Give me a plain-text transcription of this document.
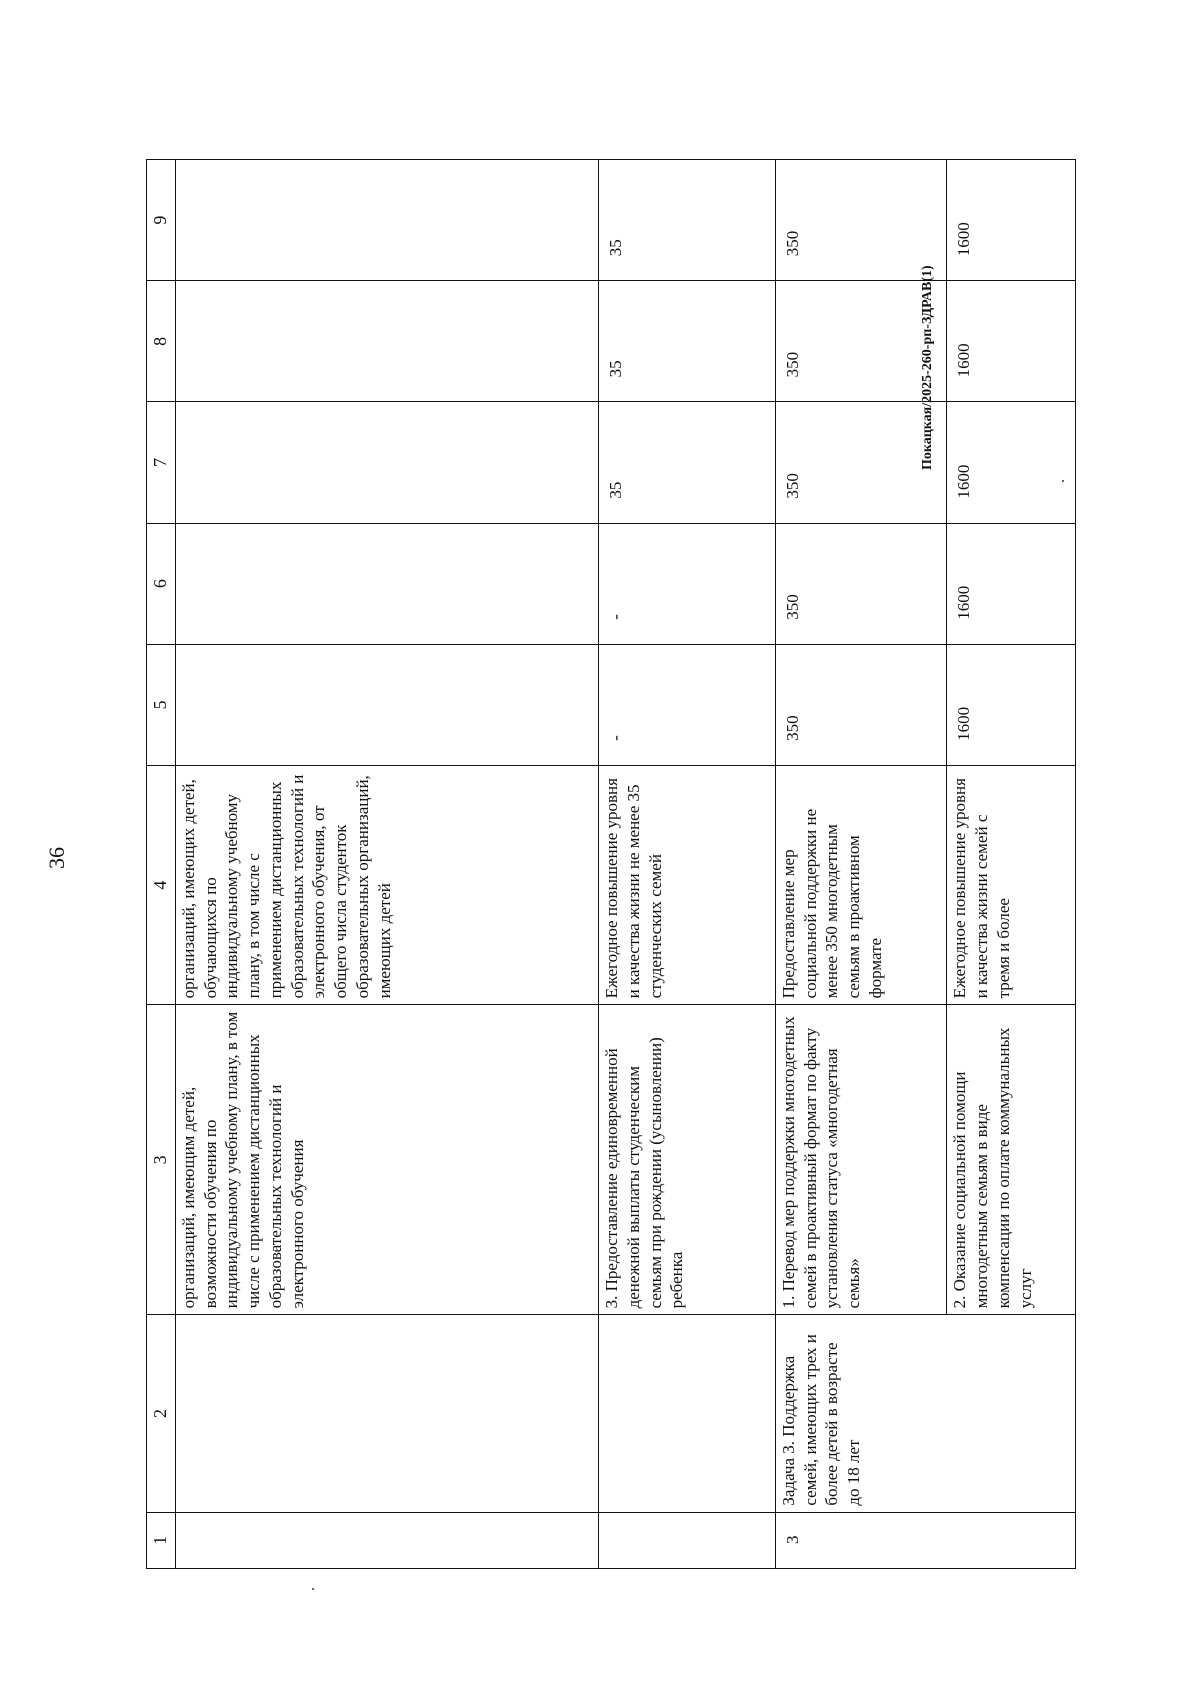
36
Покацкая/2025-260-рп-ЗДРАВ(1)
1	2	3	4	5	6	7	8	9
		организаций, имеющим детей, возможности обучения по индивидуальному учебному плану, в том числе с применением дистанционных образовательных технологий и электронного обучения	организаций, имеющих детей, обучающихся по индивидуальному учебному плану, в том числе с применением дистанционных образовательных технологий и электронного обучения, от общего числа студенток образовательных организаций, имеющих детей					
		3. Предоставление единовременной денежной выплаты студенческим семьям при рождении (усыновлении) ребенка	Ежегодное повышение уровня и качества жизни не менее 35 студенческих семей	-	-	35	35	35
3	Задача 3. Поддержка семей, имеющих трех и более детей в возрасте до 18 лет	1. Перевод мер поддержки многодетных семей в проактивный формат по факту установления статуса «многодетная семья»	Предоставление мер социальной поддержки не менее 350 многодетным семьям в проактивном формате	350	350	350	350	350
		2. Оказание социальной помощи многодетным семьям в виде компенсации по оплате коммунальных услуг	Ежегодное повышение уровня и качества жизни семей с тремя и более	1600	1600	1600	1600	1600
